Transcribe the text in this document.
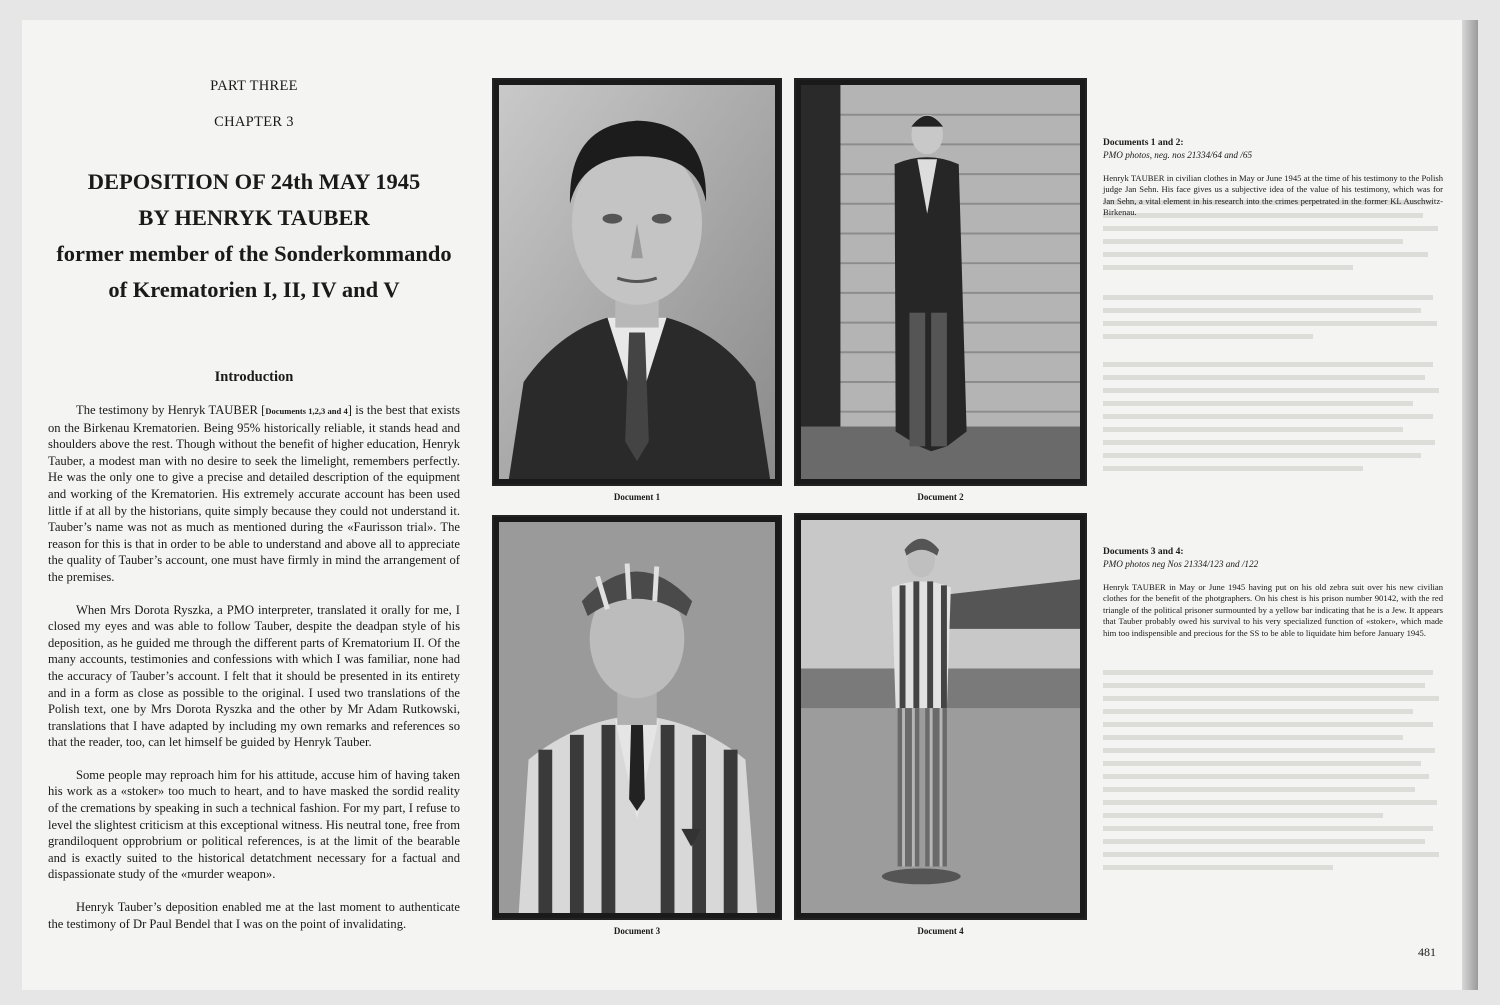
PART THREE
CHAPTER 3
DEPOSITION OF 24th MAY 1945
BY HENRYK TAUBER
former member of the Sonderkommando
of Krematorien I, II, IV and V
Introduction

The testimony by Henryk TAUBER [Documents 1,2,3 and 4] is the best that exists on the Birkenau Krematorien. Being 95% historically reliable, it stands head and shoulders above the rest. Though without the benefit of higher education, Henryk Tauber, a modest man with no desire to seek the limelight, remembers perfectly. He was the only one to give a precise and detailed description of the equipment and working of the Krematorien. His extremely accurate account has been used little if at all by the historians, quite simply because they could not understand it. Tauber’s name was not as much as mentioned during the «Faurisson trial». The reason for this is that in order to be able to understand and above all to appreciate the quality of Tauber’s account, one must have firmly in mind the arrangement of the premises.

When Mrs Dorota Ryszka, a PMO interpreter, translated it orally for me, I closed my eyes and was able to follow Tauber, despite the deadpan style of his deposition, as he guided me through the different parts of Krematorium II. Of the many accounts, testimonies and confessions with which I was familiar, none had the accuracy of Tauber’s account. I felt that it should be presented in its entirety and in a form as close as possible to the original. I used two translations of the Polish text, one by Mrs Dorota Ryszka and the other by Mr Adam Rutkowski, translations that I have adapted by including my own remarks and references so that the reader, too, can let himself be guided by Henryk Tauber.

Some people may reproach him for his attitude, accuse him of having taken his work as a «stoker» too much to heart, and to have masked the sordid reality of the cremations by speaking in such a technical fashion. For my part, I refuse to level the slightest criticism at this exceptional witness. His neutral tone, free from grandiloquent opprobrium or political references, is at the limit of the bearable and is exactly suited to the historical detatchment necessary for a factual and dispassionate study of the «murder weapon».

Henryk Tauber’s deposition enabled me at the last moment to authenticate the testimony of Dr Paul Bendel that I was on the point of invalidating.

Document 1	Document 2
Document 3	Document 4

Documents 1 and 2:

PMO photos, neg. nos 21334/64 and /65

Henryk TAUBER in civilian clothes in May or June 1945 at the time of his testimony to the Polish judge Jan Sehn. His face gives us a subjective idea of the value of his testimony, which was for Jan Sehn, a vital element in his research into the crimes perpetrated in the former KL Auschwitz- Birkenau.

Documents 3 and 4:

PMO photos neg Nos 21334/123 and /122

Henryk TAUBER in May or June 1945 having put on his old zebra suit over his new civilian clothes for the benefit of the photgraphers. On his chest is his prison number 90142, with the red triangle of the political prisoner surmounted by a yellow bar indicating that he is a Jew. It appears that Tauber probably owed his survival to his very specialized function of «stoker», which made him too indispensible and precious for the SS to be able to liquidate him before January 1945.

481
